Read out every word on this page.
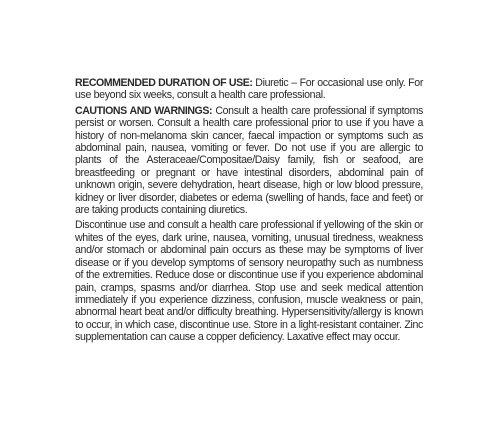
RECOMMENDED DURATION OF USE: Diuretic – For occasional use only. For use beyond six weeks, consult a health care professional.

CAUTIONS AND WARNINGS: Consult a health care professional if symptoms persist or worsen. Consult a health care professional prior to use if you have a history of non-melanoma skin cancer, faecal impaction or symptoms such as abdominal pain, nausea, vomiting or fever. Do not use if you are allergic to plants of the Asteraceae/Compositae/Daisy family, fish or seafood, are breastfeeding or pregnant or have intestinal disorders, abdominal pain of unknown origin, severe dehydration, heart disease, high or low blood pressure, kidney or liver disorder, diabetes or edema (swelling of hands, face and feet) or are taking products containing diuretics.

Discontinue use and consult a health care professional if yellowing of the skin or whites of the eyes, dark urine, nausea, vomiting, unusual tiredness, weakness and/or stomach or abdominal pain occurs as these may be symptoms of liver disease or if you develop symptoms of sensory neuropathy such as numbness of the extremities. Reduce dose or discontinue use if you experience abdominal pain, cramps, spasms and/or diarrhea. Stop use and seek medical attention immediately if you experience dizziness, confusion, muscle weakness or pain, abnormal heart beat and/or difficulty breathing. Hypersensitivity/allergy is known to occur, in which case, discontinue use. Store in a light-resistant container. Zinc supplementation can cause a copper deficiency. Laxative effect may occur.
